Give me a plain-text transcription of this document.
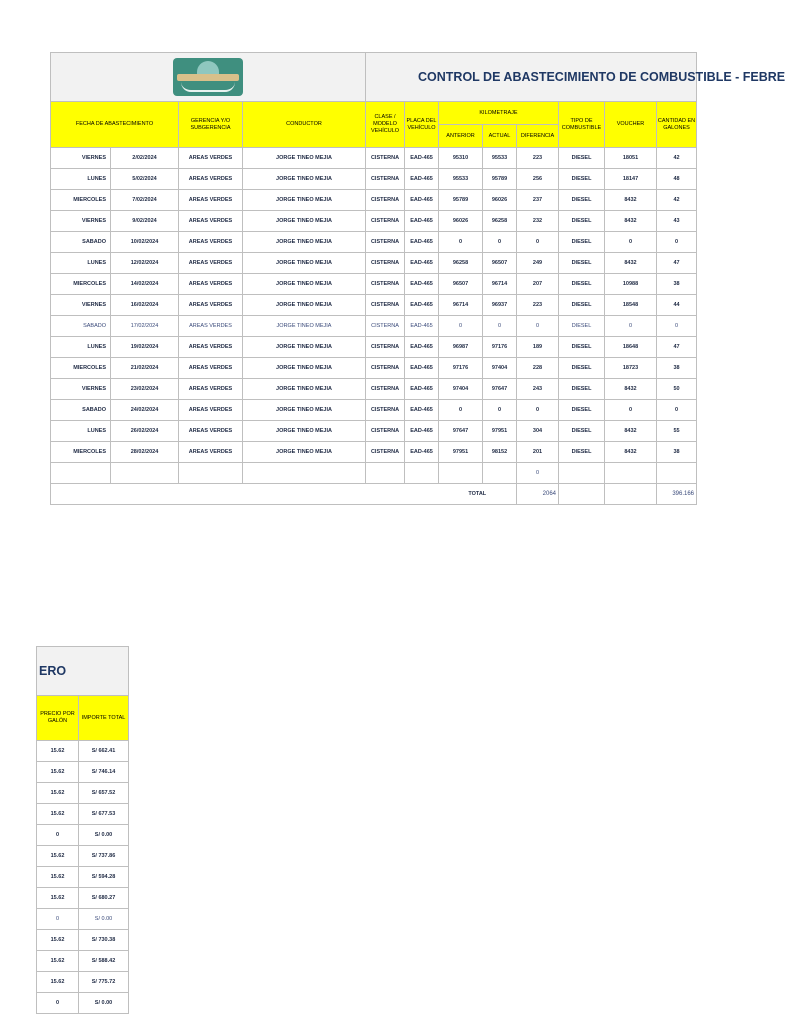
				CONTROL DE ABASTECIMIENTO DE COMBUSTIBLE - FEBRE							
FECHA DE ABASTECIMIENTO		GERENCIA Y/O SUBGERENCIA	CONDUCTOR	CLASE / MODELO VEHÍCULO	PLACA DEL VEHÍCULO	KILOMETRAJE			TIPO DE COMBUSTIBLE	VOUCHER	CANTIDAD EN GALONES
						ANTERIOR	ACTUAL	DIFERENCIA			
VIERNES	2/02/2024	AREAS VERDES	JORGE TINEO MEJIA	CISTERNA	EAD-465	95310	95533	223	DIESEL	18051	42
LUNES	5/02/2024	AREAS VERDES	JORGE TINEO MEJIA	CISTERNA	EAD-465	95533	95789	256	DIESEL	18147	48
MIERCOLES	7/02/2024	AREAS VERDES	JORGE TINEO MEJIA	CISTERNA	EAD-465	95789	96026	237	DIESEL	8432	42
VIERNES	9/02/2024	AREAS VERDES	JORGE TINEO MEJIA	CISTERNA	EAD-465	96026	96258	232	DIESEL	8432	43
SABADO	10/02/2024	AREAS VERDES	JORGE TINEO MEJIA	CISTERNA	EAD-465	0	0	0	DIESEL	0	0
LUNES	12/02/2024	AREAS VERDES	JORGE TINEO MEJIA	CISTERNA	EAD-465	96258	96507	249	DIESEL	8432	47
MIERCOLES	14/02/2024	AREAS VERDES	JORGE TINEO MEJIA	CISTERNA	EAD-465	96507	96714	207	DIESEL	10988	38
VIERNES	16/02/2024	AREAS VERDES	JORGE TINEO MEJIA	CISTERNA	EAD-465	96714	96937	223	DIESEL	18548	44
SABADO	17/02/2024	AREAS VERDES	JORGE TINEO MEJIA	CISTERNA	EAD-465	0	0	0	DIESEL	0	0
LUNES	19/02/2024	AREAS VERDES	JORGE TINEO MEJIA	CISTERNA	EAD-465	96987	97176	189	DIESEL	18648	47
MIERCOLES	21/02/2024	AREAS VERDES	JORGE TINEO MEJIA	CISTERNA	EAD-465	97176	97404	228	DIESEL	18723	38
VIERNES	23/02/2024	AREAS VERDES	JORGE TINEO MEJIA	CISTERNA	EAD-465	97404	97647	243	DIESEL	8432	50
SABADO	24/02/2024	AREAS VERDES	JORGE TINEO MEJIA	CISTERNA	EAD-465	0	0	0	DIESEL	0	0
LUNES	26/02/2024	AREAS VERDES	JORGE TINEO MEJIA	CISTERNA	EAD-465	97647	97951	304	DIESEL	8432	55
MIERCOLES	28/02/2024	AREAS VERDES	JORGE TINEO MEJIA	CISTERNA	EAD-465	97951	98152	201	DIESEL	8432	38
								0			
						TOTAL		2064			396.166
ERO	
PRECIO POR GALÓN	IMPORTE TOTAL
15.62	S/ 662.41
15.62	S/ 746.14
15.62	S/ 657.52
15.62	S/ 677.53
0	S/ 0.00
15.62	S/ 737.86
15.62	S/ 594.28
15.62	S/ 680.27
0	S/ 0.00
15.62	S/ 730.38
15.62	S/ 588.42
15.62	S/ 775.72
0	S/ 0.00
